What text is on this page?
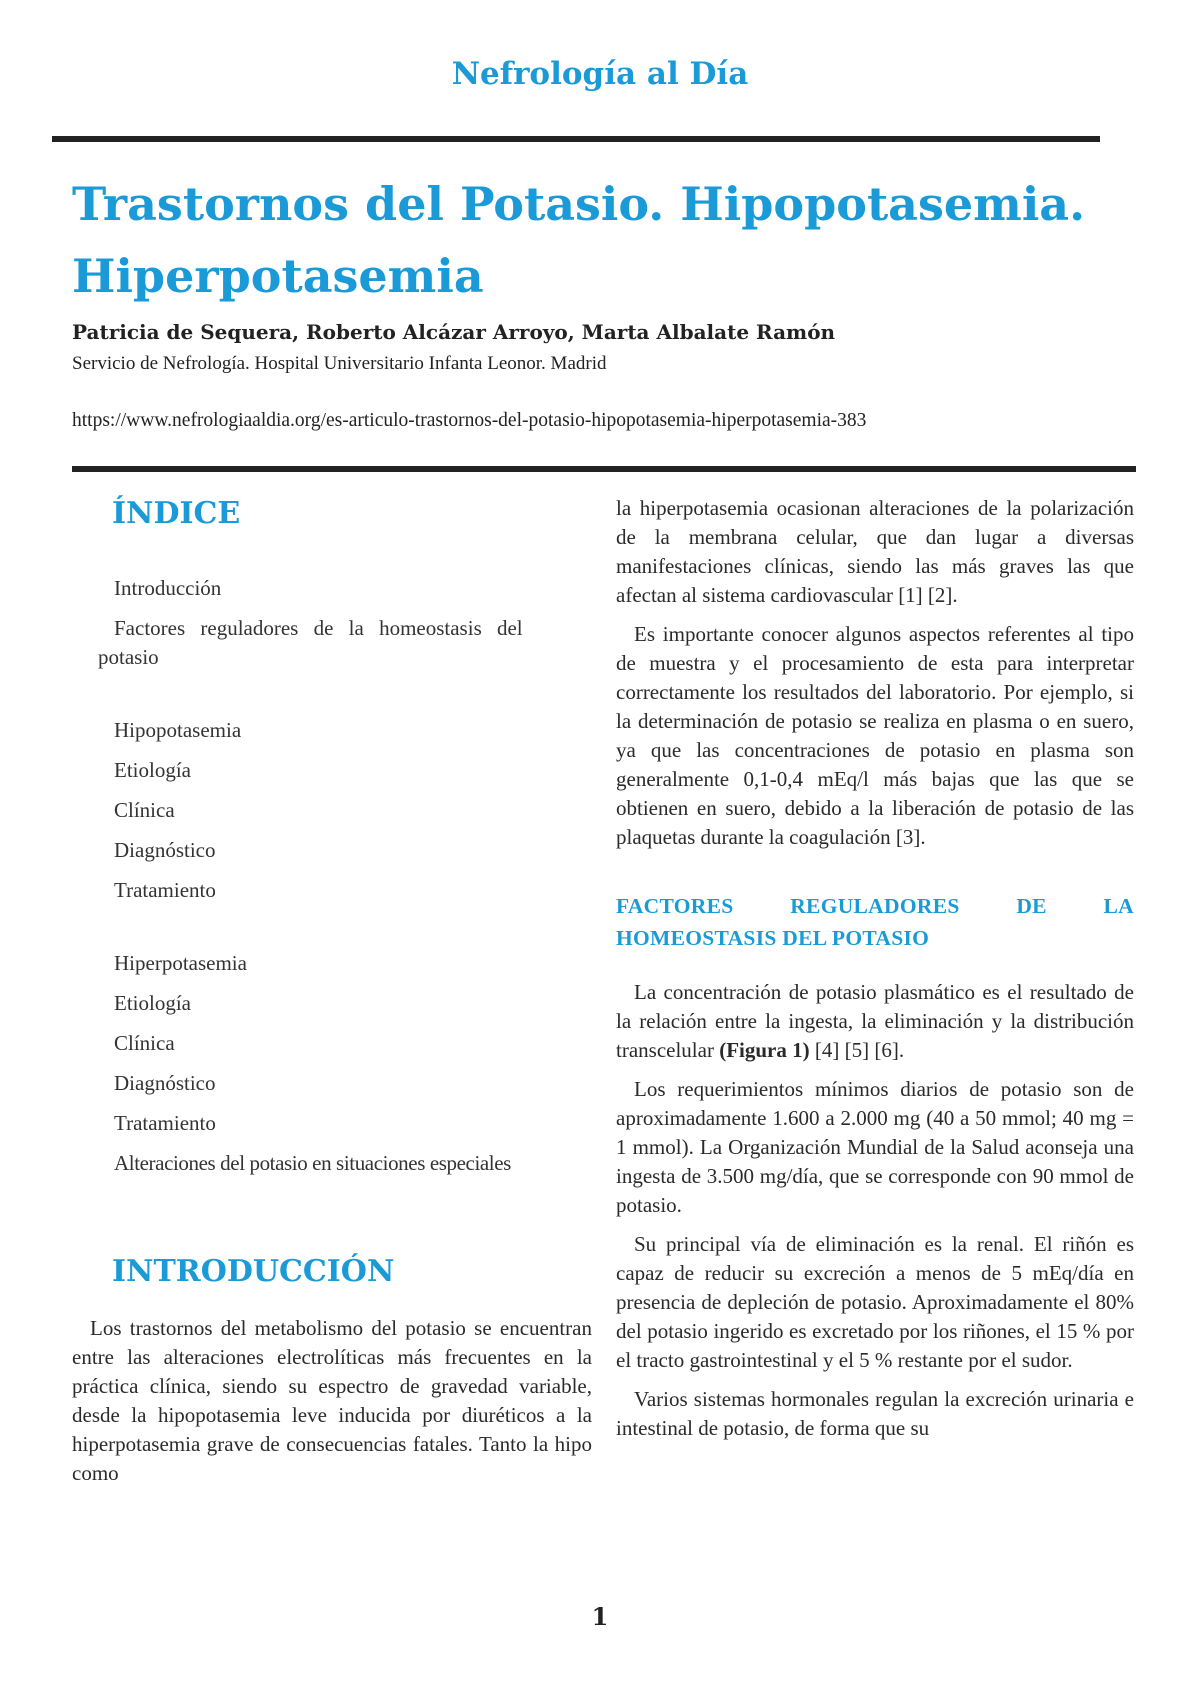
Nefrología al Día
Trastornos del Potasio. Hipopotasemia. Hiperpotasemia
Patricia de Sequera, Roberto Alcázar Arroyo, Marta Albalate Ramón
Servicio de Nefrología. Hospital Universitario Infanta Leonor. Madrid
https://www.nefrologiaaldia.org/es-articulo-trastornos-del-potasio-hipopotasemia-hiperpotasemia-383
ÍNDICE
Introducción
Factores reguladores de la homeostasis del
potasio
Hipopotasemia
Etiología
Clínica
Diagnóstico
Tratamiento
Hiperpotasemia
Etiología
Clínica
Diagnóstico
Tratamiento
Alteraciones del potasio en situaciones especiales
INTRODUCCIÓN

Los trastornos del metabolismo del potasio se encuentran entre las alteraciones electrolíticas más frecuentes en la práctica clínica, siendo su espectro de gravedad variable, desde la hipopotasemia leve inducida por diuréticos a la hiperpotasemia grave de consecuencias fatales. Tanto la hipo como

la hiperpotasemia ocasionan alteraciones de la polarización de la membrana celular, que dan lugar a diversas manifestaciones clínicas, siendo las más graves las que afectan al sistema cardiovascular [1] [2].

Es importante conocer algunos aspectos referentes al tipo de muestra y el procesamiento de esta para interpretar correctamente los resultados del laboratorio. Por ejemplo, si la determinación de potasio se realiza en plasma o en suero, ya que las concentraciones de potasio en plasma son generalmente 0,1-0,4 mEq/l más bajas que las que se obtienen en suero, debido a la liberación de potasio de las plaquetas durante la coagulación [3].

FACTORES REGULADORES DE LA HOMEOSTASIS DEL POTASIO

La concentración de potasio plasmático es el resultado de la relación entre la ingesta, la eliminación y la distribución transcelular (Figura 1) [4] [5] [6].

Los requerimientos mínimos diarios de potasio son de aproximadamente 1.600 a 2.000 mg (40 a 50 mmol; 40 mg = 1 mmol). La Organización Mundial de la Salud aconseja una ingesta de 3.500 mg/día, que se corresponde con 90 mmol de potasio.

Su principal vía de eliminación es la renal. El riñón es capaz de reducir su excreción a menos de 5 mEq/día en presencia de depleción de potasio. Aproximadamente el 80% del potasio ingerido es excretado por los riñones, el 15 % por el tracto gastrointestinal y el 5 % restante por el sudor.

Varios sistemas hormonales regulan la excreción urinaria e intestinal de potasio, de forma que su

1
